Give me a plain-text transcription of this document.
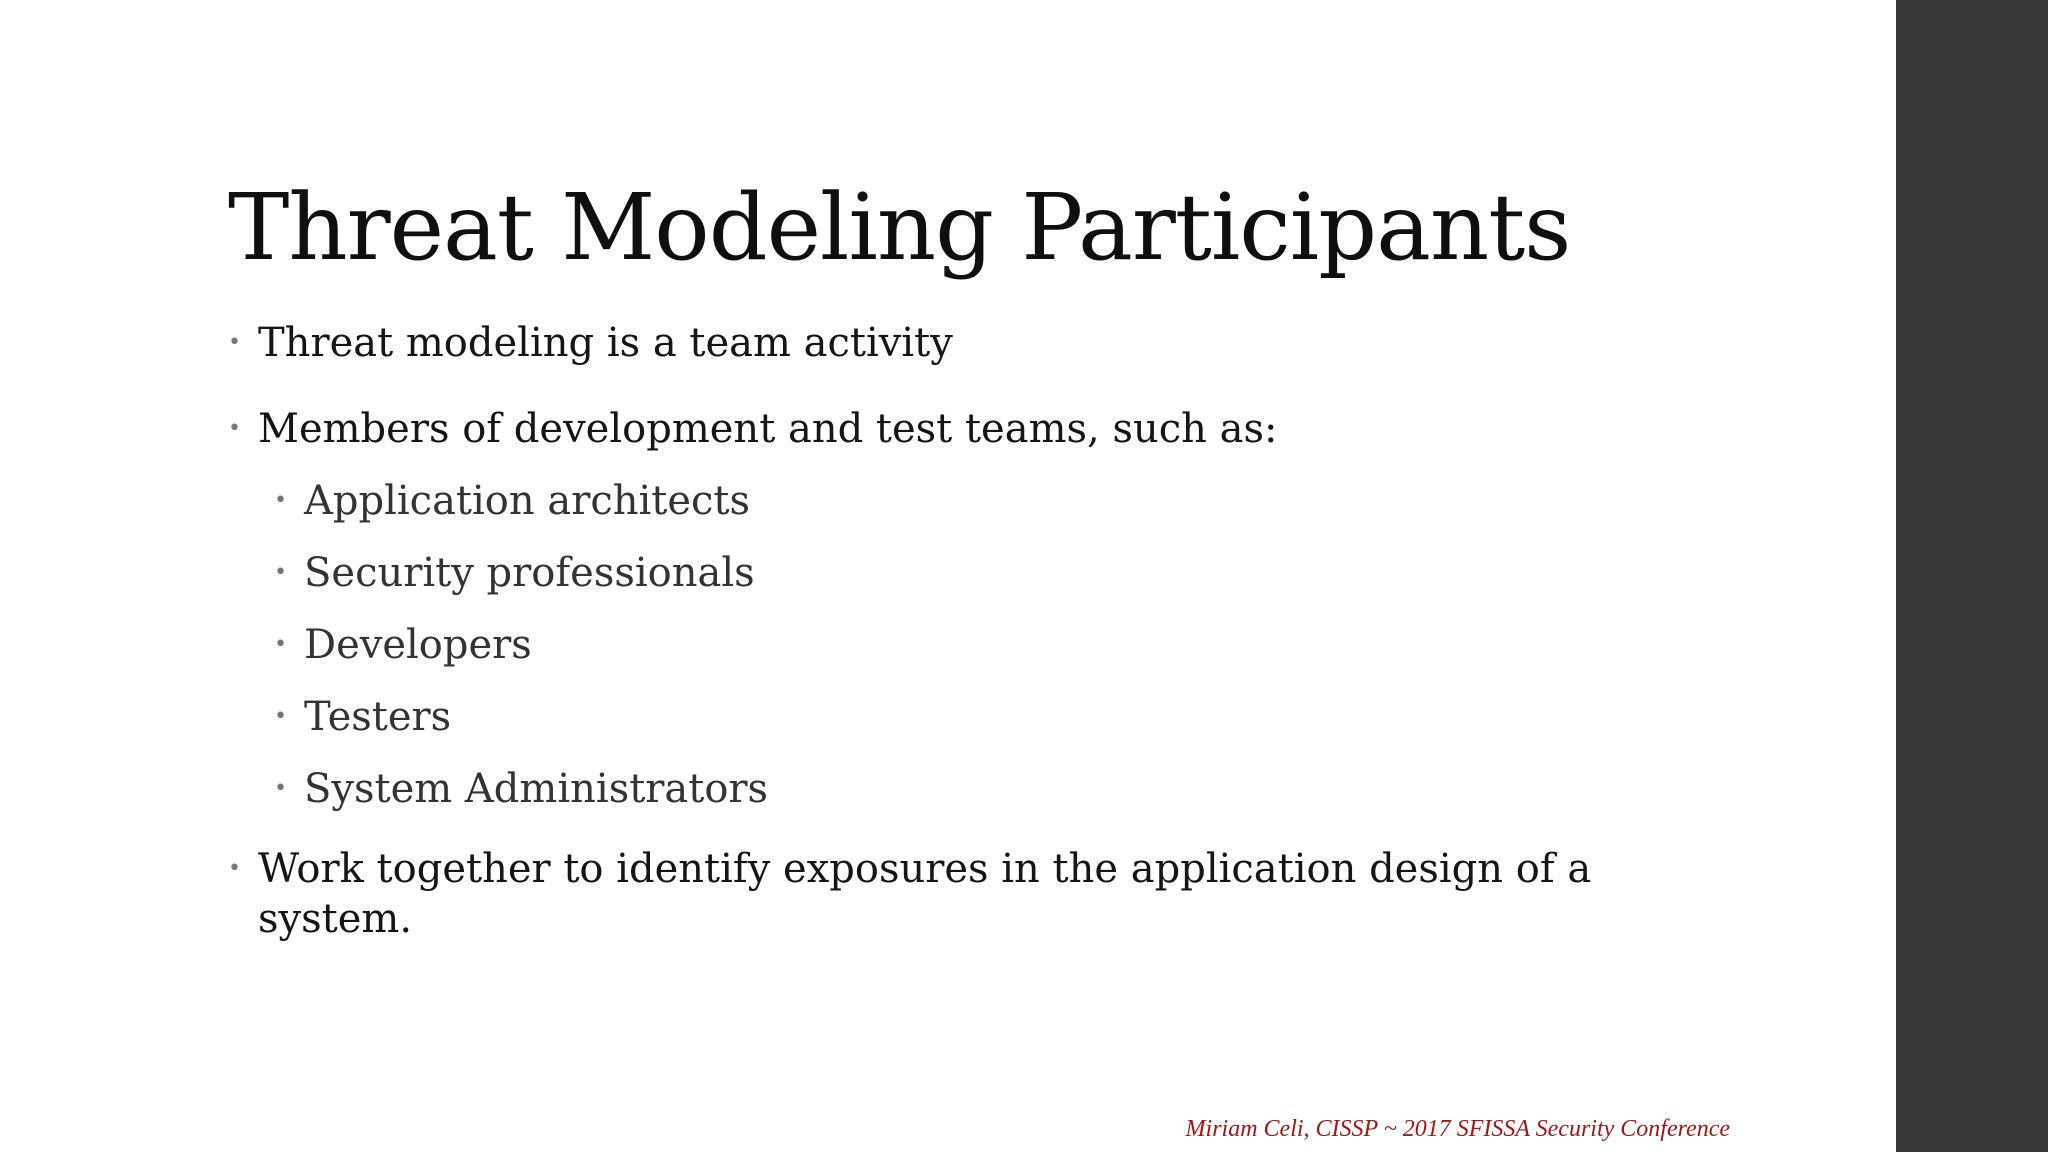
Threat Modeling Participants
• Threat modeling is a team activity
• Members of development and test teams, such as:
• Application architects
• Security professionals
• Developers
• Testers
• System Administrators
• Work together to identify exposures in the application design of a system.
Miriam Celi, CISSP ~ 2017 SFISSA Security Conference
